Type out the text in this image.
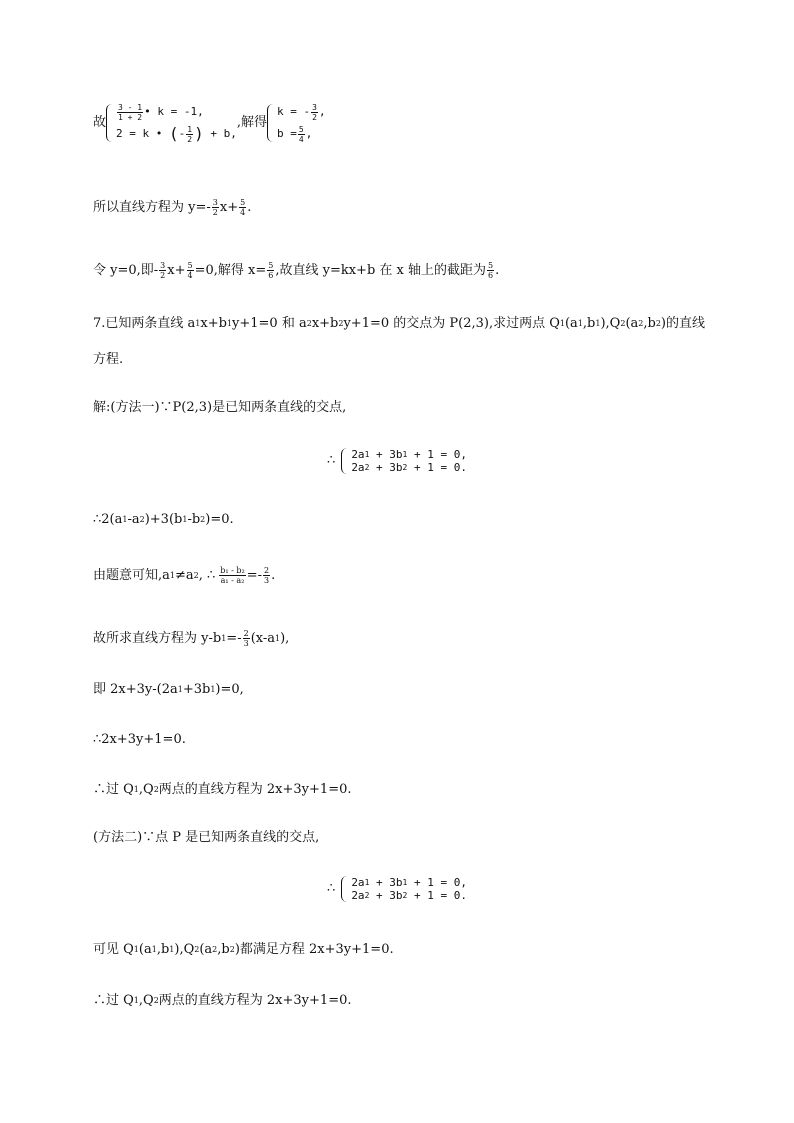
故
$\frac{3 - 1}{1 + 2}$ • k = -1,
2 = k •
( - $\frac{1}{2}$ )
+ b,
,解得
k = - $\frac{3}{2}$ ,
$b = \frac{5}{4}$ ,
所以直线方程为 $y=- \frac{3}{2} x+ \frac{5}{4}$ .
令 y=0,即- $\frac{3}{2} x+ \frac{5}{4} =0$,解得 $x= \frac{5}{6}$ ,故直线 y=kx+b 在 x 轴上的截距为 $\frac{5}{6}$ .
7.已知两条直线 a 1 x+b 1 y+1=0 和 a 2 x+b 2 y+1=0 的交点为 P(2,3),求过两点 Q 1 (a 1 ,b 1 ),Q 2 (a 2 ,b 2 )的直线
方程.
解:(方法一)∵P(2,3)是已知两条直线的交点,
∴ 2a 1 + 3b 1 + 1 = 0,
2a 2 + 3b 2 + 1 = 0.
∴2(a 1 -a 2 )+3(b 1 -b 2 )=0.
由题意可知,a 1 ≠a 2 , ∴ $\frac{\text{b₁ - b₂}}{\text{a₁ - a₂}} =- \frac{2}{3}$ .
故所求直线方程为 y-b $1 =- \frac{2}{3} (x-a$ 1 ),
即 2x+3y-(2a 1 +3b 1 )=0,
∴2x+3y+1=0.
∴过 Q 1 ,Q 2 两点的直线方程为 2x+3y+1=0.
(方法二)∵点 P 是已知两条直线的交点,
∴ 2a 1 + 3b 1 + 1 = 0,
2a 2 + 3b 2 + 1 = 0.
可见 Q 1 (a 1 ,b 1 ),Q 2 (a 2 ,b 2 )都满足方程 2x+3y+1=0.
∴过 Q 1 ,Q 2 两点的直线方程为 2x+3y+1=0.
